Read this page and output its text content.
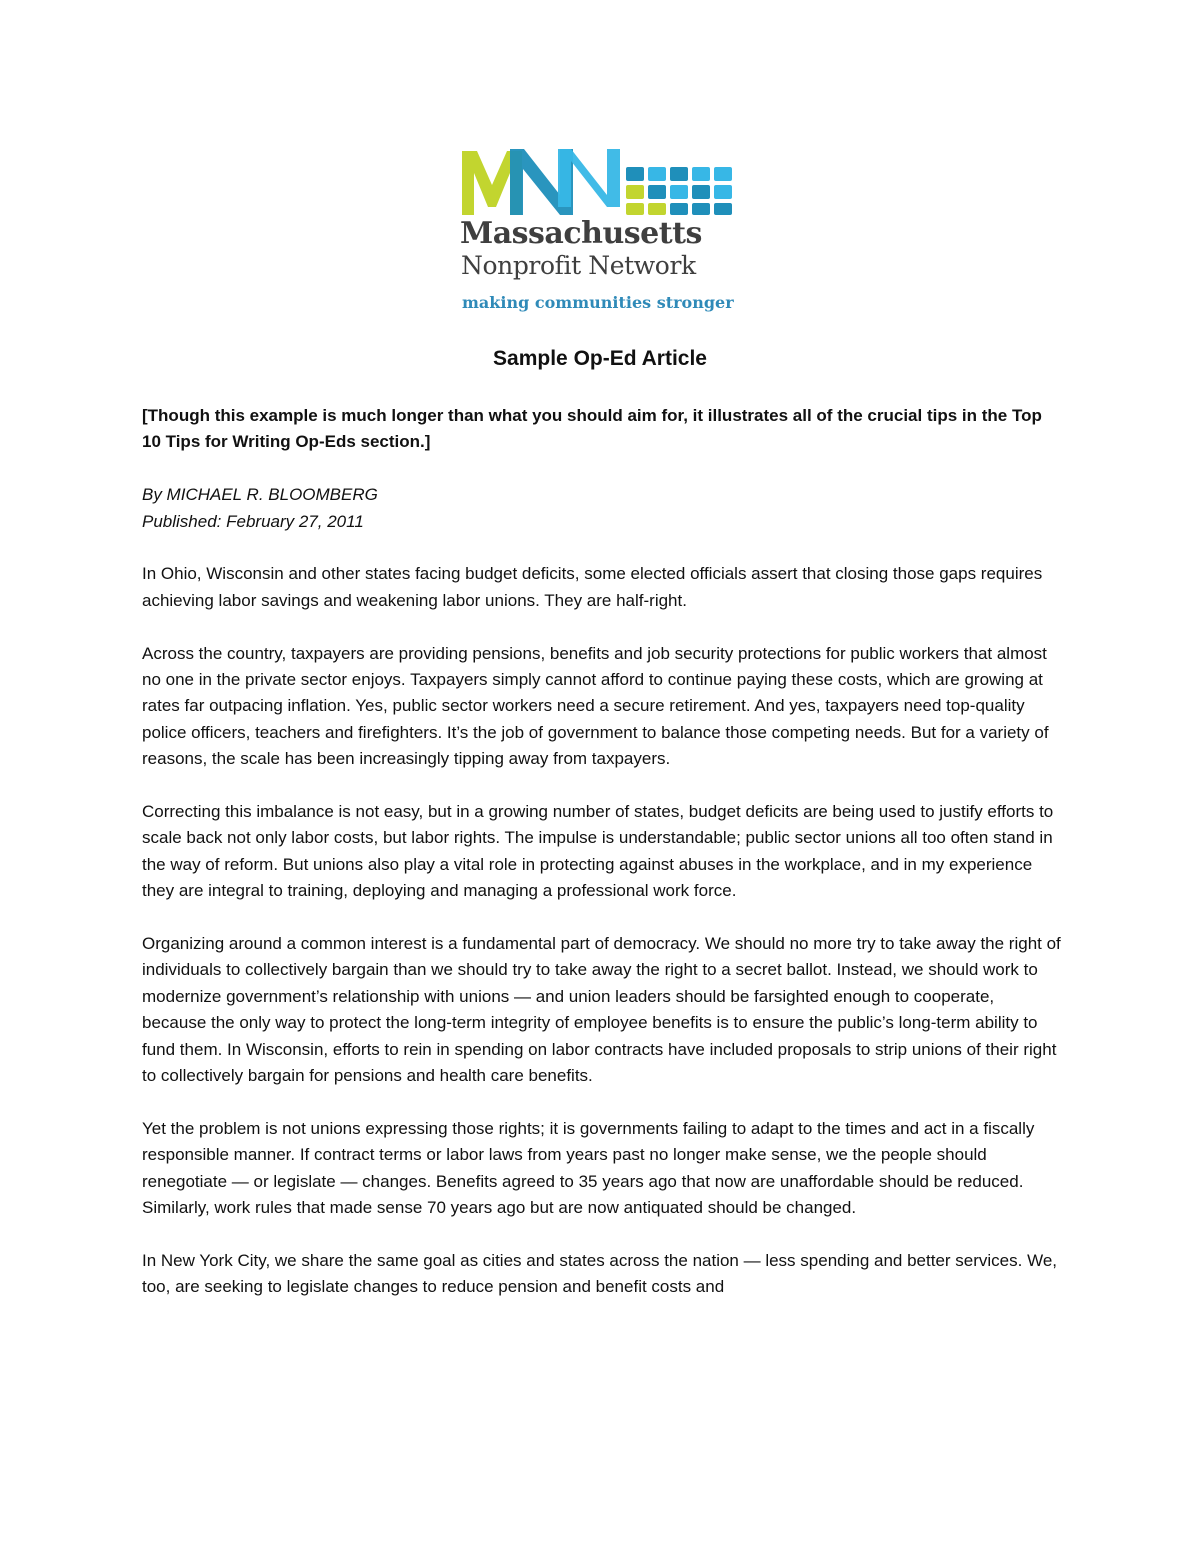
Massachusetts
Nonprofit Network
making communities stronger
Sample Op-Ed Article

[Though this example is much longer than what you should aim for, it illustrates all of the crucial tips in the Top 10 Tips for Writing Op-Eds section.]

By MICHAEL R. BLOOMBERG
Published: February 27, 2011

In Ohio, Wisconsin and other states facing budget deficits, some elected officials assert that closing those gaps requires achieving labor savings and weakening labor unions. They are half-right.

Across the country, taxpayers are providing pensions, benefits and job security protections for public workers that almost no one in the private sector enjoys. Taxpayers simply cannot afford to continue paying these costs, which are growing at rates far outpacing inflation. Yes, public sector workers need a secure retirement. And yes, taxpayers need top-quality police officers, teachers and firefighters. It’s the job of government to balance those competing needs. But for a variety of reasons, the scale has been increasingly tipping away from taxpayers.

Correcting this imbalance is not easy, but in a growing number of states, budget deficits are being used to justify efforts to scale back not only labor costs, but labor rights. The impulse is understandable; public sector unions all too often stand in the way of reform. But unions also play a vital role in protecting against abuses in the workplace, and in my experience they are integral to training, deploying and managing a professional work force.

Organizing around a common interest is a fundamental part of democracy. We should no more try to take away the right of individuals to collectively bargain than we should try to take away the right to a secret ballot. Instead, we should work to modernize government’s relationship with unions — and union leaders should be farsighted enough to cooperate, because the only way to protect the long-term integrity of employee benefits is to ensure the public’s long-term ability to fund them. In Wisconsin, efforts to rein in spending on labor contracts have included proposals to strip unions of their right to collectively bargain for pensions and health care benefits.

Yet the problem is not unions expressing those rights; it is governments failing to adapt to the times and act in a fiscally responsible manner. If contract terms or labor laws from years past no longer make sense, we the people should renegotiate — or legislate — changes. Benefits agreed to 35 years ago that now are unaffordable should be reduced. Similarly, work rules that made sense 70 years ago but are now antiquated should be changed.

In New York City, we share the same goal as cities and states across the nation — less spending and better services. We, too, are seeking to legislate changes to reduce pension and benefit costs and
